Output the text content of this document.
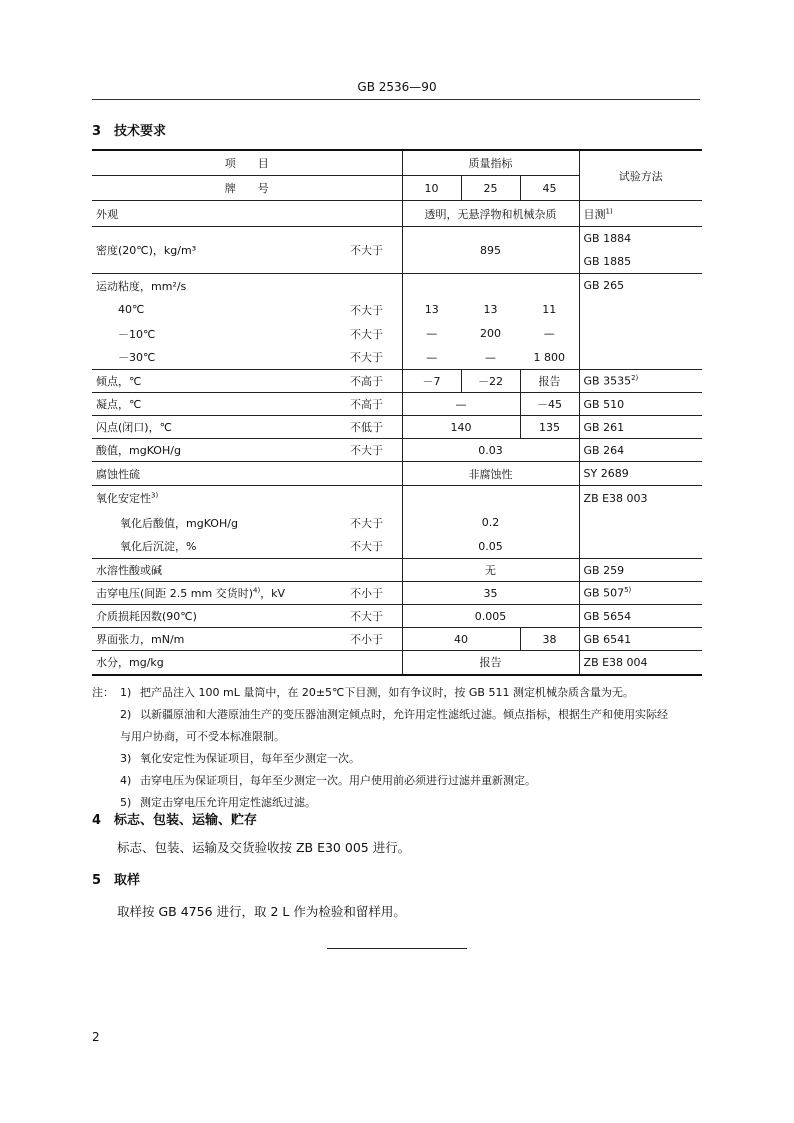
GB 2536—90
3 技术要求
项　　目		质量指标			试验方法
牌　　号		10	25	45	
外观		透明，无悬浮物和机械杂质			目测$^{1)}$
密度(20℃)，kg/m³	不大于	895			GB 1884
					GB 1885
运动粘度，mm²/s					GB 265
40℃	不大于	13	13	11	
－10℃	不大于	—	200	—	
－30℃	不大于	—	—	1 800	
倾点，℃	不高于	－7	－22	报告	GB 3535$^{2)}$
凝点，℃	不高于	—		－45	GB 510
闪点(闭口)，℃	不低于	140		135	GB 261
酸值，mgKOH/g	不大于	0.03			GB 264
腐蚀性硫		非腐蚀性			SY 2689
氧化安定性$^{3)}$					ZB E38 003
氧化后酸值，mgKOH/g	不大于	0.2			
氧化后沉淀，%	不大于	0.05			
水溶性酸或碱		无			GB 259
击穿电压(间距 2.5 mm 交货时)$^{4)}$，kV	不小于	35			GB 507$^{5)}$
介质损耗因数(90℃)	不大于	0.005			GB 5654
界面张力，mN/m	不小于	40		38	GB 6541
水分，mg/kg		报告			ZB E38 004
注： 1) 把产品注入 100 mL 量筒中，在 20±5℃下目测，如有争议时，按 GB 511 测定机械杂质含量为无。
2) 以新疆原油和大港原油生产的变压器油测定倾点时，允许用定性滤纸过滤。倾点指标，根据生产和使用实际经
与用户协商，可不受本标准限制。
3) 氧化安定性为保证项目，每年至少测定一次。
4) 击穿电压为保证项目，每年至少测定一次。用户使用前必须进行过滤并重新测定。
5) 测定击穿电压允许用定性滤纸过滤。
4 标志、包装、运输、贮存
标志、包装、运输及交货验收按 ZB E30 005 进行。
5 取样
取样按 GB 4756 进行，取 2 L 作为检验和留样用。
2
